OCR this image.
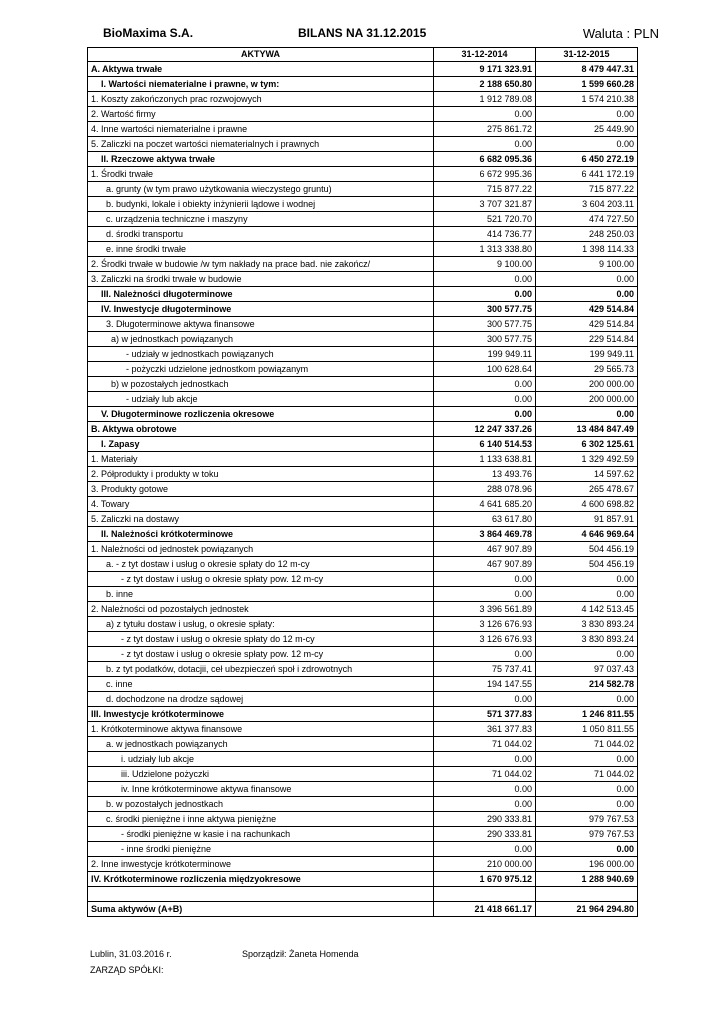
BioMaxima S.A.	BILANS NA 31.12.2015	Waluta : PLN
AKTYWA	31-12-2014	31-12-2015
A. Aktywa trwałe	9 171 323.91	8 479 447.31
I. Wartości niematerialne i prawne, w tym:	2 188 650.80	1 599 660.28
1. Koszty zakończonych prac rozwojowych	1 912 789.08	1 574 210.38
2. Wartość firmy	0.00	0.00
4. Inne wartości niematerialne i prawne	275 861.72	25 449.90
5. Zaliczki na poczet wartości niematerialnych i prawnych	0.00	0.00
II. Rzeczowe aktywa trwałe	6 682 095.36	6 450 272.19
1. Środki trwałe	6 672 995.36	6 441 172.19
a. grunty (w tym prawo użytkowania wieczystego gruntu)	715 877.22	715 877.22
b. budynki, lokale i obiekty inżynierii lądowe i wodnej	3 707 321.87	3 604 203.11
c. urządzenia techniczne i maszyny	521 720.70	474 727.50
d. środki transportu	414 736.77	248 250.03
e. inne środki trwałe	1 313 338.80	1 398 114.33
2. Środki trwałe w budowie /w tym nakłady na prace bad. nie zakończ/	9 100.00	9 100.00
3. Zaliczki na środki trwałe w budowie	0.00	0.00
III. Należności długoterminowe	0.00	0.00
IV. Inwestycje długoterminowe	300 577.75	429 514.84
3. Długoterminowe aktywa finansowe	300 577.75	429 514.84
a) w jednostkach powiązanych	300 577.75	229 514.84
- udziały w jednostkach powiązanych	199 949.11	199 949.11
- pożyczki udzielone jednostkom powiązanym	100 628.64	29 565.73
b) w pozostałych jednostkach	0.00	200 000.00
- udziały lub akcje	0.00	200 000.00
V. Długoterminowe rozliczenia okresowe	0.00	0.00
B. Aktywa obrotowe	12 247 337.26	13 484 847.49
I. Zapasy	6 140 514.53	6 302 125.61
1. Materiały	1 133 638.81	1 329 492.59
2. Półprodukty i produkty w toku	13 493.76	14 597.62
3. Produkty gotowe	288 078.96	265 478.67
4. Towary	4 641 685.20	4 600 698.82
5. Zaliczki na dostawy	63 617.80	91 857.91
II. Należności krótkoterminowe	3 864 469.78	4 646 969.64
1. Należności od jednostek powiązanych	467 907.89	504 456.19
a. - z tyt dostaw i usług o okresie spłaty do 12 m-cy	467 907.89	504 456.19
- z tyt dostaw i usług o okresie spłaty pow. 12 m-cy	0.00	0.00
b. inne	0.00	0.00
2. Należności od pozostałych jednostek	3 396 561.89	4 142 513.45
a) z tytułu dostaw i usług, o okresie spłaty:	3 126 676.93	3 830 893.24
- z tyt dostaw i usług o okresie spłaty do 12 m-cy	3 126 676.93	3 830 893.24
- z tyt dostaw i usług o okresie spłaty pow. 12 m-cy	0.00	0.00
b. z tyt podatków, dotacjii, ceł ubezpieczeń społ i zdrowotnych	75 737.41	97 037.43
c. inne	194 147.55	214 582.78
d. dochodzone na drodze sądowej	0.00	0.00
III. Inwestycje krótkoterminowe	571 377.83	1 246 811.55
1. Krótkoterminowe aktywa finansowe	361 377.83	1 050 811.55
a. w jednostkach powiązanych	71 044.02	71 044.02
i. udziały lub akcje	0.00	0.00
iii. Udzielone pożyczki	71 044.02	71 044.02
iv. Inne krótkoterminowe aktywa finansowe	0.00	0.00
b. w pozostałych jednostkach	0.00	0.00
c. środki pieniężne i inne aktywa pieniężne	290 333.81	979 767.53
- środki pieniężne w kasie i na rachunkach	290 333.81	979 767.53
- inne środki pieniężne	0.00	0.00
2. Inne inwestycje krótkoterminowe	210 000.00	196 000.00
IV. Krótkoterminowe rozliczenia międzyokresowe	1 670 975.12	1 288 940.69

Suma aktywów (A+B)	21 418 661.17	21 964 294.80
Lublin, 31.03.2016 r.	Sporządził: Żaneta Homenda
ZARZĄD SPÓŁKI:
